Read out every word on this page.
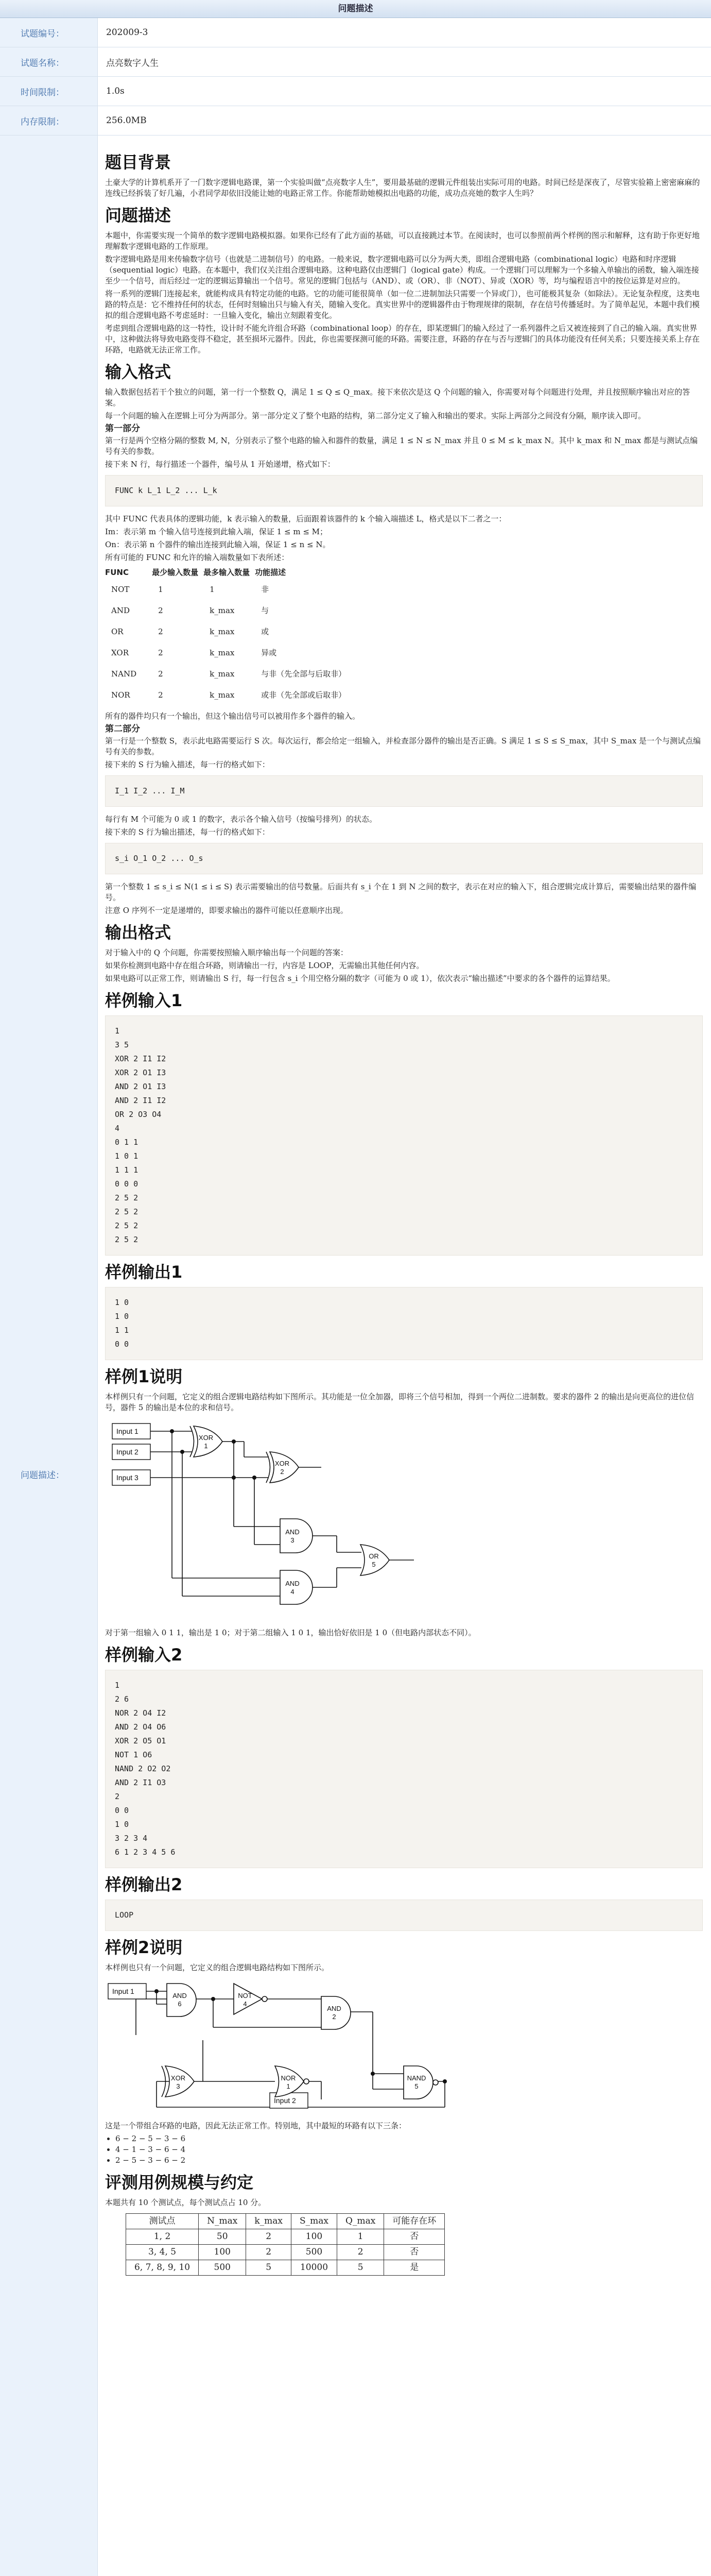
问题描述
试题编号：	202009-3
试题名称：	点亮数字人生
时间限制：	1.0s
内存限制：	256.0MB
问题描述：
题目背景

土豪大学的计算机系开了一门数字逻辑电路课，第一个实验叫做“点亮数字人生”，要用最基础的逻辑元件组装出实际可用的电路。时间已经是深夜了，尽管实验箱上密密麻麻的连线已经拆装了好几遍，小君同学却依旧没能让她的电路正常工作。你能帮助她模拟出电路的功能，成功点亮她的数字人生吗？

问题描述

本题中，你需要实现一个简单的数字逻辑电路模拟器。如果你已经有了此方面的基础，可以直接跳过本节。在阅读时，也可以参照前两个样例的图示和解释，这有助于你更好地理解数字逻辑电路的工作原理。

数字逻辑电路是用来传输数字信号（也就是二进制信号）的电路。一般来说，数字逻辑电路可以分为两大类，即组合逻辑电路（combinational logic）电路和时序逻辑（sequential logic）电路。在本题中，我们仅关注组合逻辑电路。这种电路仅由逻辑门（logical gate）构成。一个逻辑门可以理解为一个多输入单输出的函数，输入端连接至少一个信号，而后经过一定的逻辑运算输出一个信号。常见的逻辑门包括与（AND）、或（OR）、非（NOT）、异或（XOR）等，均与编程语言中的按位运算是对应的。

将一系列的逻辑门连接起来，就能构成具有特定功能的电路。它的功能可能很简单（如一位二进制加法只需要一个异或门），也可能极其复杂（如除法）。无论复杂程度，这类电路的特点是：它不维持任何的状态，任何时刻输出只与输入有关，随输入变化。真实世界中的逻辑器件由于物理规律的限制，存在信号传播延时。为了简单起见，本题中我们模拟的组合逻辑电路不考虑延时：一旦输入变化，输出立刻跟着变化。

考虑到组合逻辑电路的这一特性，设计时不能允许组合环路（combinational loop）的存在，即某逻辑门的输入经过了一系列器件之后又被连接到了自己的输入端。真实世界中，这种做法将导致电路变得不稳定，甚至损坏元器件。因此，你也需要探测可能的环路。需要注意，环路的存在与否与逻辑门的具体功能没有任何关系；只要连接关系上存在环路，电路就无法正常工作。

输入格式

输入数据包括若干个独立的问题，第一行一个整数 Q，满足 1 ≤ Q ≤ Q_max。接下来依次是这 Q 个问题的输入，你需要对每个问题进行处理，并且按照顺序输出对应的答案。

每一个问题的输入在逻辑上可分为两部分。第一部分定义了整个电路的结构，第二部分定义了输入和输出的要求。实际上两部分之间没有分隔，顺序读入即可。

第一部分

第一行是两个空格分隔的整数 M, N，分别表示了整个电路的输入和器件的数量，满足 1 ≤ N ≤ N_max 并且 0 ≤ M ≤ k_max N。其中 k_max 和 N_max 都是与测试点编号有关的参数。

接下来 N 行，每行描述一个器件，编号从 1 开始递增，格式如下：

FUNC k L_1 L_2 ... L_k

其中 FUNC 代表具体的逻辑功能，k 表示输入的数量，后面跟着该器件的 k 个输入端描述 L，格式是以下二者之一：

Im：表示第 m 个输入信号连接到此输入端，保证 1 ≤ m ≤ M；

On：表示第 n 个器件的输出连接到此输入端，保证 1 ≤ n ≤ N。

所有可能的 FUNC 和允许的输入端数量如下表所述：

FUNC	最少输入数量	最多输入数量	功能描述
NOT	1	1	非
AND	2	k_max	与
OR	2	k_max	或
XOR	2	k_max	异或
NAND	2	k_max	与非（先全部与后取非）
NOR	2	k_max	或非（先全部或后取非）

所有的器件均只有一个输出，但这个输出信号可以被用作多个器件的输入。

第二部分

第一行是一个整数 S，表示此电路需要运行 S 次。每次运行，都会给定一组输入，并检查部分器件的输出是否正确。S 满足 1 ≤ S ≤ S_max，其中 S_max 是一个与测试点编号有关的参数。

接下来的 S 行为输入描述，每一行的格式如下：

I_1 I_2 ... I_M

每行有 M 个可能为 0 或 1 的数字，表示各个输入信号（按编号排列）的状态。

接下来的 S 行为输出描述，每一行的格式如下：

s_i O_1 O_2 ... O_s

第一个整数 1 ≤ s_i ≤ N(1 ≤ i ≤ S) 表示需要输出的信号数量。后面共有 s_i 个在 1 到 N 之间的数字，表示在对应的输入下，组合逻辑完成计算后，需要输出结果的器件编号。

注意 O 序列不一定是递增的，即要求输出的器件可能以任意顺序出现。

输出格式

对于输入中的 Q 个问题，你需要按照输入顺序输出每一个问题的答案：

如果你检测到电路中存在组合环路，则请输出一行，内容是 LOOP，无需输出其他任何内容。

如果电路可以正常工作，则请输出 S 行，每一行包含 s_i 个用空格分隔的数字（可能为 0 或 1），依次表示“输出描述”中要求的各个器件的运算结果。

样例输入1
1
3 5
XOR 2 I1 I2
XOR 2 O1 I3
AND 2 O1 I3
AND 2 I1 I2
OR 2 O3 O4
4
0 1 1
1 0 1
1 1 1
0 0 0
2 5 2
2 5 2
2 5 2
2 5 2
样例输出1
1 0
1 0
1 1
0 0
样例1说明

本样例只有一个问题，它定义的组合逻辑电路结构如下图所示。其功能是一位全加器，即将三个信号相加，得到一个两位二进制数。要求的器件 2 的输出是向更高位的进位信号，器件 5 的输出是本位的求和信号。

Input 1
Input 2
Input 3
XOR
1
XOR
2
AND
3
AND
4
OR
5

对于第一组输入 0 1 1，输出是 1 0；对于第二组输入 1 0 1，输出恰好依旧是 1 0（但电路内部状态不同）。

样例输入2
1
2 6
NOR 2 O4 I2
AND 2 O4 O6
XOR 2 O5 O1
NOT 1 O6
NAND 2 O2 O2
AND 2 I1 O3
2
0 0
1 0
3 2 3 4
6 1 2 3 4 5 6
样例输出2
LOOP
样例2说明

本样例也只有一个问题，它定义的组合逻辑电路结构如下图所示。

Input 1
Input 2
AND
6
NOT
4
AND
2
XOR
3
NOR
1
NAND
5

这是一个带组合环路的电路，因此无法正常工作。特别地，其中最短的环路有以下三条：

• 6 − 2 − 5 − 3 − 6
• 4 − 1 − 3 − 6 − 4
• 2 − 5 − 3 − 6 − 2
评测用例规模与约定

本题共有 10 个测试点，每个测试点占 10 分。

测试点	N_max	k_max	S_max	Q_max	可能存在环
1, 2	50	2	100	1	否
3, 4, 5	100	2	500	2	否
6, 7, 8, 9, 10	500	5	10000	5	是
